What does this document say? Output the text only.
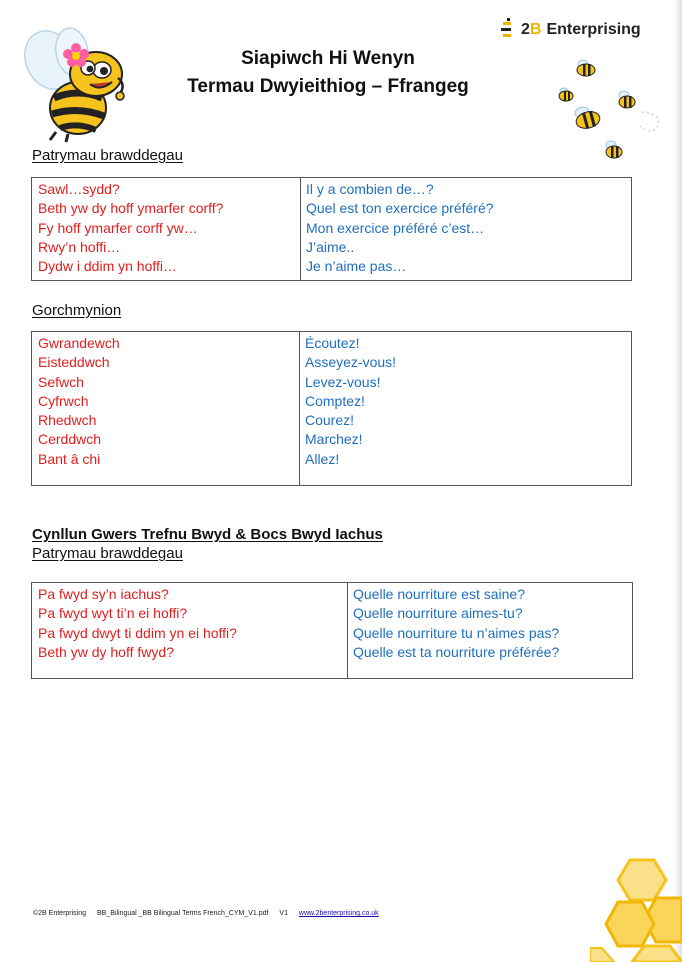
2B Enterprising
Siapiwch Hi Wenyn
Termau Dwyieithiog – Ffrangeg
Patrymau brawddegau
Sawl…sydd?
Beth yw dy hoff ymarfer corff?
Fy hoff ymarfer corff yw…
Rwy’n hoffi…
Dydw i ddim yn hoffi…
Il y a combien de…?
Quel est ton exercice préféré?
Mon exercice préféré c’est…
J’aime..
Je n’aime pas…
Gorchmynion
Gwrandewch
Eisteddwch
Sefwch
Cyfrwch
Rhedwch
Cerddwch
Bant â chi
Écoutez!
Asseyez-vous!
Levez-vous!
Comptez!
Courez!
Marchez!
Allez!
Cynllun Gwers Trefnu Bwyd & Bocs Bwyd Iachus
Patrymau brawddegau
Pa fwyd sy’n iachus?
Pa fwyd wyt ti’n ei hoffi?
Pa fwyd dwyt ti ddim yn ei hoffi?
Beth yw dy hoff fwyd?
Quelle nourriture est saine?
Quelle nourriture aimes-tu?
Quelle nourriture tu n’aimes pas?
Quelle est ta nourriture préférée?
©2B Enterprising BB_Bilingual _BB Bilingual Terms French_CYM_V1.pdf V1 www.2benterprising.co.uk
